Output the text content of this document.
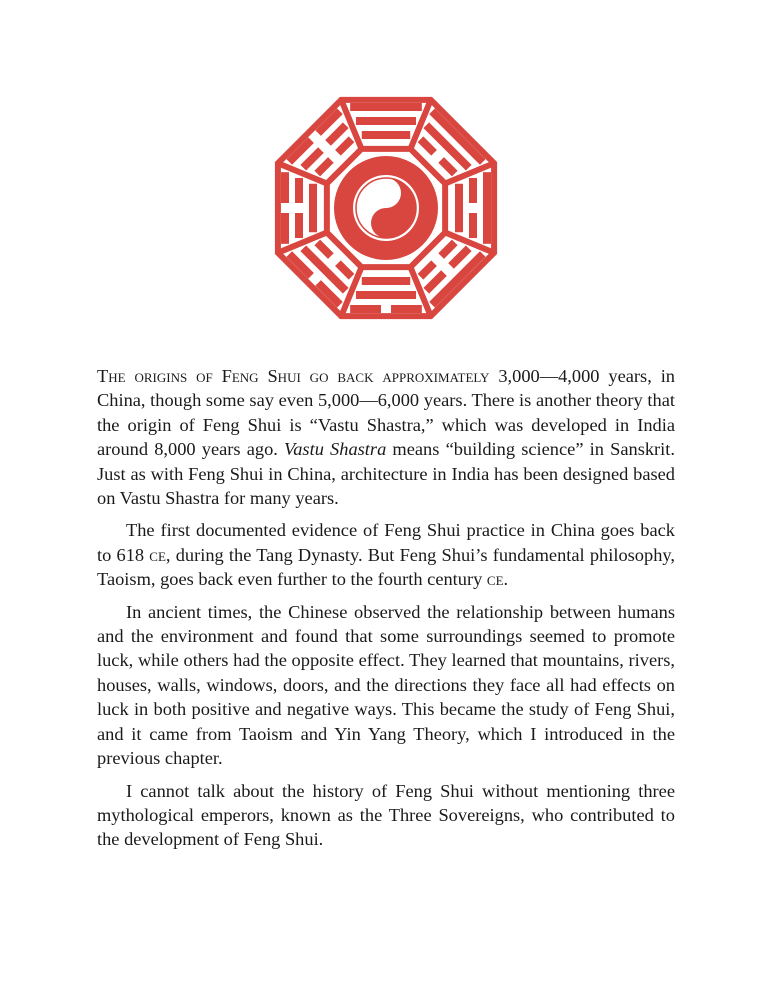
The origins of Feng Shui go back approximately 3,000—4,000 years, in China, though some say even 5,000—6,000 years. There is another theory that the origin of Feng Shui is “Vastu Shastra,” which was developed in India around 8,000 years ago. Vastu Shastra means “building science” in Sanskrit. Just as with Feng Shui in China, architecture in India has been designed based on Vastu Shastra for many years.

The first documented evidence of Feng Shui practice in China goes back to 618 ce, during the Tang Dynasty. But Feng Shui’s fundamental philosophy, Taoism, goes back even further to the fourth century ce.

In ancient times, the Chinese observed the relationship between humans and the environment and found that some surroundings seemed to promote luck, while others had the opposite effect. They learned that mountains, rivers, houses, walls, windows, doors, and the directions they face all had effects on luck in both positive and negative ways. This became the study of Feng Shui, and it came from Taoism and Yin Yang Theory, which I introduced in the previous chapter.

I cannot talk about the history of Feng Shui without mentioning three mythological emperors, known as the Three Sovereigns, who contributed to the development of Feng Shui.
